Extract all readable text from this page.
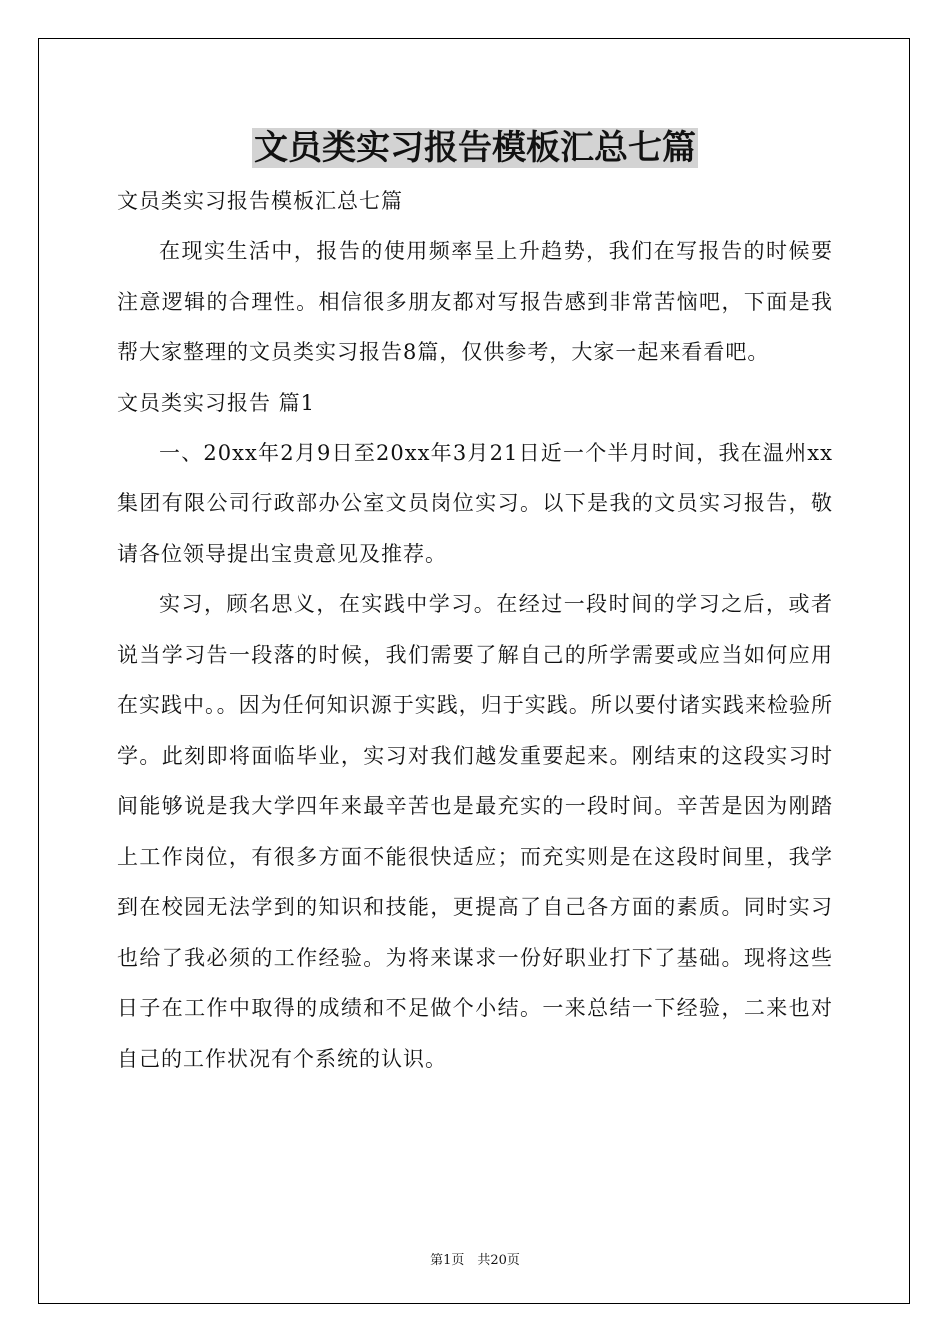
文员类实习报告模板汇总七篇

文员类实习报告模板汇总七篇

在现实生活中，报告的使用频率呈上升趋势，我们在写报告的时候要注意逻辑的合理性。相信很多朋友都对写报告感到非常苦恼吧，下面是我帮大家整理的文员类实习报告8篇，仅供参考，大家一起来看看吧。

文员类实习报告 篇1

一、20xx年2月9日至20xx年3月21日近一个半月时间，我在温州xx集团有限公司行政部办公室文员岗位实习。以下是我的文员实习报告，敬请各位领导提出宝贵意见及推荐。

实习，顾名思义，在实践中学习。在经过一段时间的学习之后，或者说当学习告一段落的时候，我们需要了解自己的所学需要或应当如何应用在实践中。。因为任何知识源于实践，归于实践。所以要付诸实践来检验所学。此刻即将面临毕业，实习对我们越发重要起来。刚结束的这段实习时间能够说是我大学四年来最辛苦也是最充实的一段时间。辛苦是因为刚踏上工作岗位，有很多方面不能很快适应；而充实则是在这段时间里，我学到在校园无法学到的知识和技能，更提高了自己各方面的素质。同时实习也给了我必须的工作经验。为将来谋求一份好职业打下了基础。现将这些日子在工作中取得的成绩和不足做个小结。一来总结一下经验，二来也对自己的工作状况有个系统的认识。

第1页　共20页
